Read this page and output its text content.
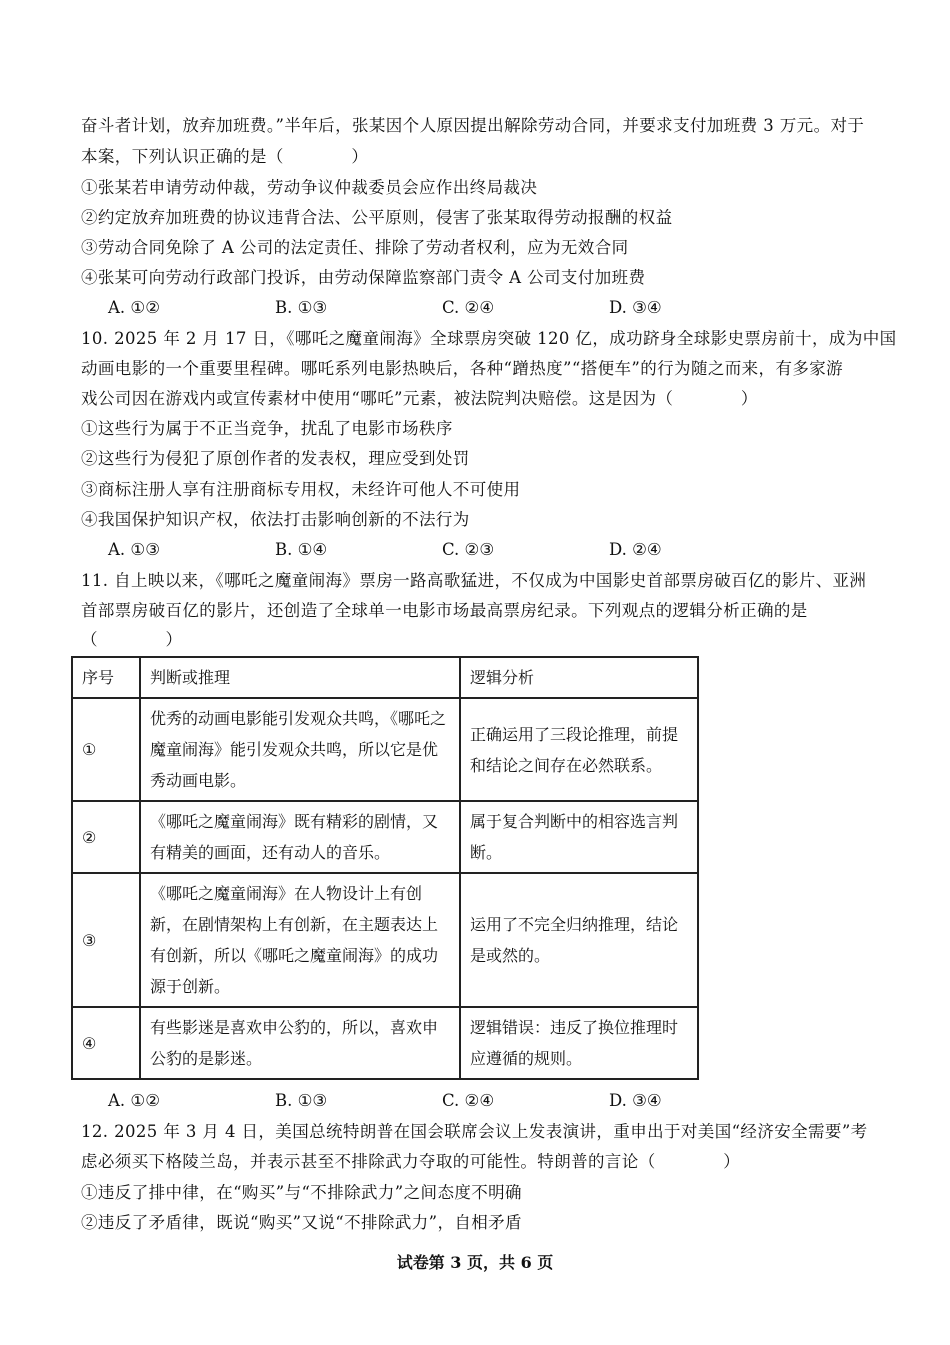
奋斗者计划，放弃加班费。”半年后，张某因个人原因提出解除劳动合同，并要求支付加班费 3 万元。对于
本案，下列认识正确的是（　　　　）
①张某若申请劳动仲裁，劳动争议仲裁委员会应作出终局裁决
②约定放弃加班费的协议违背合法、公平原则，侵害了张某取得劳动报酬的权益
③劳动合同免除了 A 公司的法定责任、排除了劳动者权利，应为无效合同
④张某可向劳动行政部门投诉，由劳动保障监察部门责令 A 公司支付加班费
A. ①②	B. ①③	C. ②④	D. ③④
10. 2025 年 2 月 17 日，《哪吒之魔童闹海》全球票房突破 120 亿，成功跻身全球影史票房前十，成为中国
动画电影的一个重要里程碑。哪吒系列电影热映后，各种“蹭热度”“搭便车”的行为随之而来，有多家游
戏公司因在游戏内或宣传素材中使用“哪吒”元素，被法院判决赔偿。这是因为（　　　　）
①这些行为属于不正当竞争，扰乱了电影市场秩序
②这些行为侵犯了原创作者的发表权，理应受到处罚
③商标注册人享有注册商标专用权，未经许可他人不可使用
④我国保护知识产权，依法打击影响创新的不法行为
A. ①③	B. ①④	C. ②③	D. ②④
11. 自上映以来，《哪吒之魔童闹海》票房一路高歌猛进，不仅成为中国影史首部票房破百亿的影片、亚洲
首部票房破百亿的影片，还创造了全球单一电影市场最高票房纪录。下列观点的逻辑分析正确的是
（　　　　）
序号	判断或推理	逻辑分析
①	优秀的动画电影能引发观众共鸣，《哪吒之魔童闹海》能引发观众共鸣，所以它是优秀动画电影。	正确运用了三段论推理，前提和结论之间存在必然联系。
②	《哪吒之魔童闹海》既有精彩的剧情，又有精美的画面，还有动人的音乐。	属于复合判断中的相容选言判断。
③	《哪吒之魔童闹海》在人物设计上有创新，在剧情架构上有创新，在主题表达上有创新，所以《哪吒之魔童闹海》的成功源于创新。	运用了不完全归纳推理，结论是或然的。
④	有些影迷是喜欢申公豹的，所以，喜欢申公豹的是影迷。	逻辑错误：违反了换位推理时应遵循的规则。
A. ①②	B. ①③	C. ②④	D. ③④
12. 2025 年 3 月 4 日，美国总统特朗普在国会联席会议上发表演讲，重申出于对美国“经济安全需要”考
虑必须买下格陵兰岛，并表示甚至不排除武力夺取的可能性。特朗普的言论（　　　　）
①违反了排中律，在“购买”与“不排除武力”之间态度不明确
②违反了矛盾律，既说“购买”又说“不排除武力”，自相矛盾
试卷第 3 页，共 6 页
